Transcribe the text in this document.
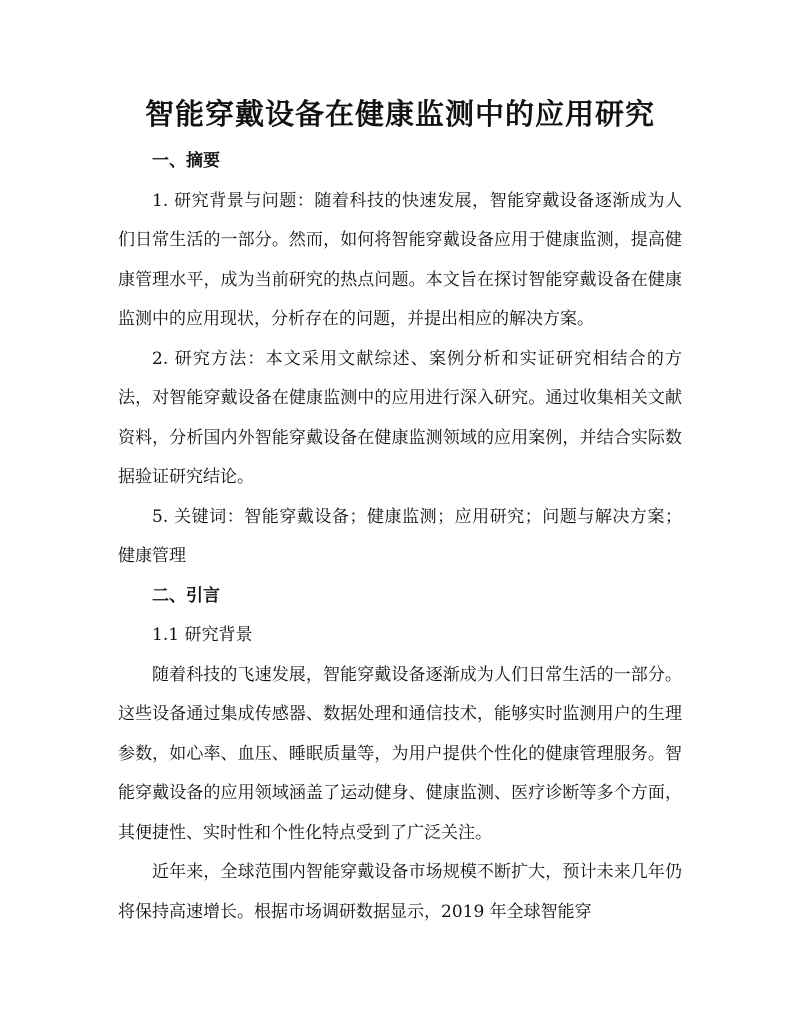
智能穿戴设备在健康监测中的应用研究

一、摘要

1. 研究背景与问题：随着科技的快速发展，智能穿戴设备逐渐成为人们日常生活的一部分。然而，如何将智能穿戴设备应用于健康监测，提高健康管理水平，成为当前研究的热点问题。本文旨在探讨智能穿戴设备在健康监测中的应用现状，分析存在的问题，并提出相应的解决方案。

2. 研究方法：本文采用文献综述、案例分析和实证研究相结合的方法，对智能穿戴设备在健康监测中的应用进行深入研究。通过收集相关文献资料，分析国内外智能穿戴设备在健康监测领域的应用案例，并结合实际数据验证研究结论。

5. 关键词：智能穿戴设备；健康监测；应用研究；问题与解决方案；健康管理

二、引言

1.1 研究背景

随着科技的飞速发展，智能穿戴设备逐渐成为人们日常生活的一部分。这些设备通过集成传感器、数据处理和通信技术，能够实时监测用户的生理参数，如心率、血压、睡眠质量等，为用户提供个性化的健康管理服务。智能穿戴设备的应用领域涵盖了运动健身、健康监测、医疗诊断等多个方面，其便捷性、实时性和个性化特点受到了广泛关注。

近年来，全球范围内智能穿戴设备市场规模不断扩大，预计未来几年仍将保持高速增长。根据市场调研数据显示，2019 年全球智能穿
